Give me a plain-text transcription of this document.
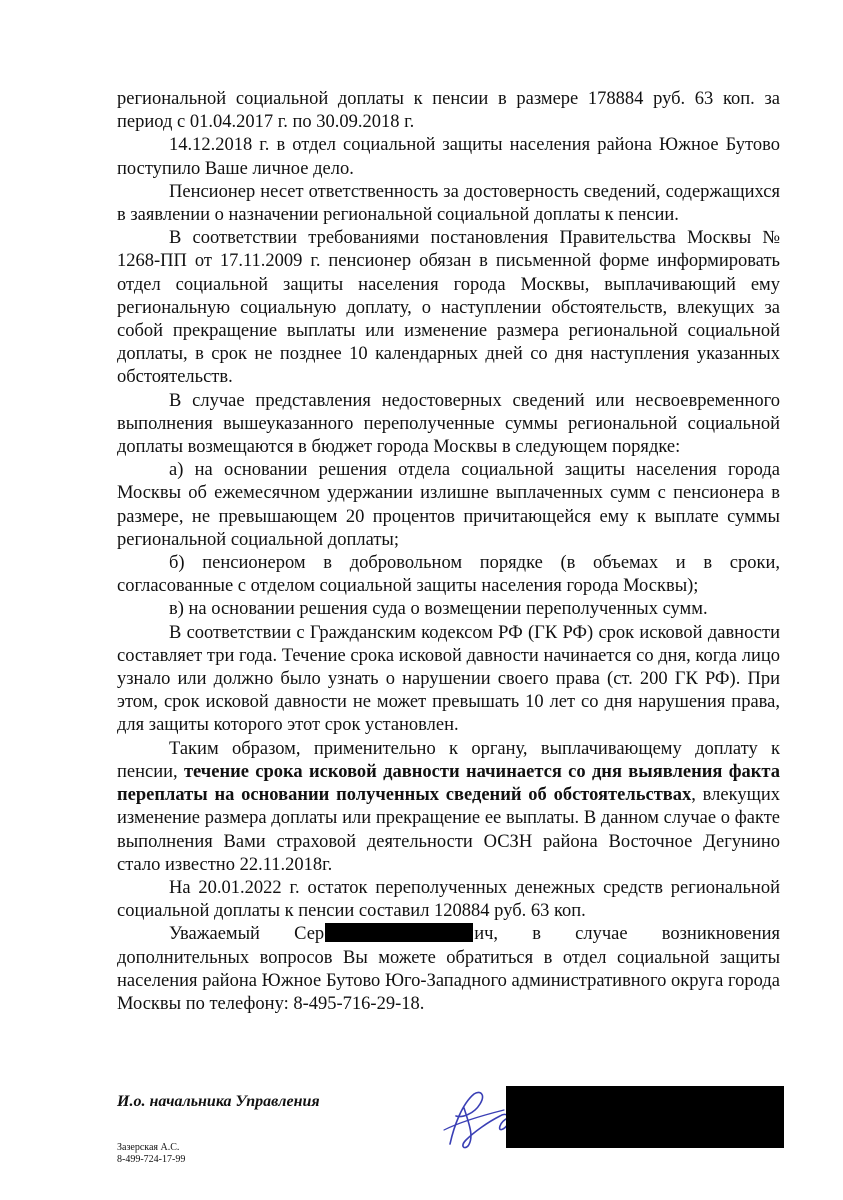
региональной социальной доплаты к пенсии в размере 178884 руб. 63 коп. за период с 01.04.2017 г. по 30.09.2018 г.

14.12.2018 г. в отдел социальной защиты населения района Южное Бутово поступило Ваше личное дело.

Пенсионер несет ответственность за достоверность сведений, содержащихся в заявлении о назначении региональной социальной доплаты к пенсии.

В соответствии требованиями постановления Правительства Москвы № 1268-ПП от 17.11.2009 г. пенсионер обязан в письменной форме информировать отдел социальной защиты населения города Москвы, выплачивающий ему региональную социальную доплату, о наступлении обстоятельств, влекущих за собой прекращение выплаты или изменение размера региональной социальной доплаты, в срок не позднее 10 календарных дней со дня наступления указанных обстоятельств.

В случае представления недостоверных сведений или несвоевременного выполнения вышеуказанного переполученные суммы региональной социальной доплаты возмещаются в бюджет города Москвы в следующем порядке:

а) на основании решения отдела социальной защиты населения города Москвы об ежемесячном удержании излишне выплаченных сумм с пенсионера в размере, не превышающем 20 процентов причитающейся ему к выплате суммы региональной социальной доплаты;

б) пенсионером в добровольном порядке (в объемах и в сроки, согласованные с отделом социальной защиты населения города Москвы);

в) на основании решения суда о возмещении переполученных сумм.

В соответствии с Гражданским кодексом РФ (ГК РФ) срок исковой давности составляет три года. Течение срока исковой давности начинается со дня, когда лицо узнало или должно было узнать о нарушении своего права (ст. 200 ГК РФ). При этом, срок исковой давности не может превышать 10 лет со дня нарушения права, для защиты которого этот срок установлен.

Таким образом, применительно к органу, выплачивающему доплату к пенсии, течение срока исковой давности начинается со дня выявления факта переплаты на основании полученных сведений об обстоятельствах, влекущих изменение размера доплаты или прекращение ее выплаты. В данном случае о факте выполнения Вами страховой деятельности ОСЗН района Восточное Дегунино стало известно 22.11.2018г.

На 20.01.2022 г. остаток переполученных денежных средств региональной социальной доплаты к пенсии составил 120884 руб. 63 коп.

Уважаемый Сер	ич, в случае возникновения дополнительных вопросов Вы можете обратиться в отдел социальной защиты населения района Южное Бутово Юго-Западного административного округа города Москвы по телефону: 8-495-716-29-18.

И.о. начальника Управления
Зазерская А.С.
8-499-724-17-99
